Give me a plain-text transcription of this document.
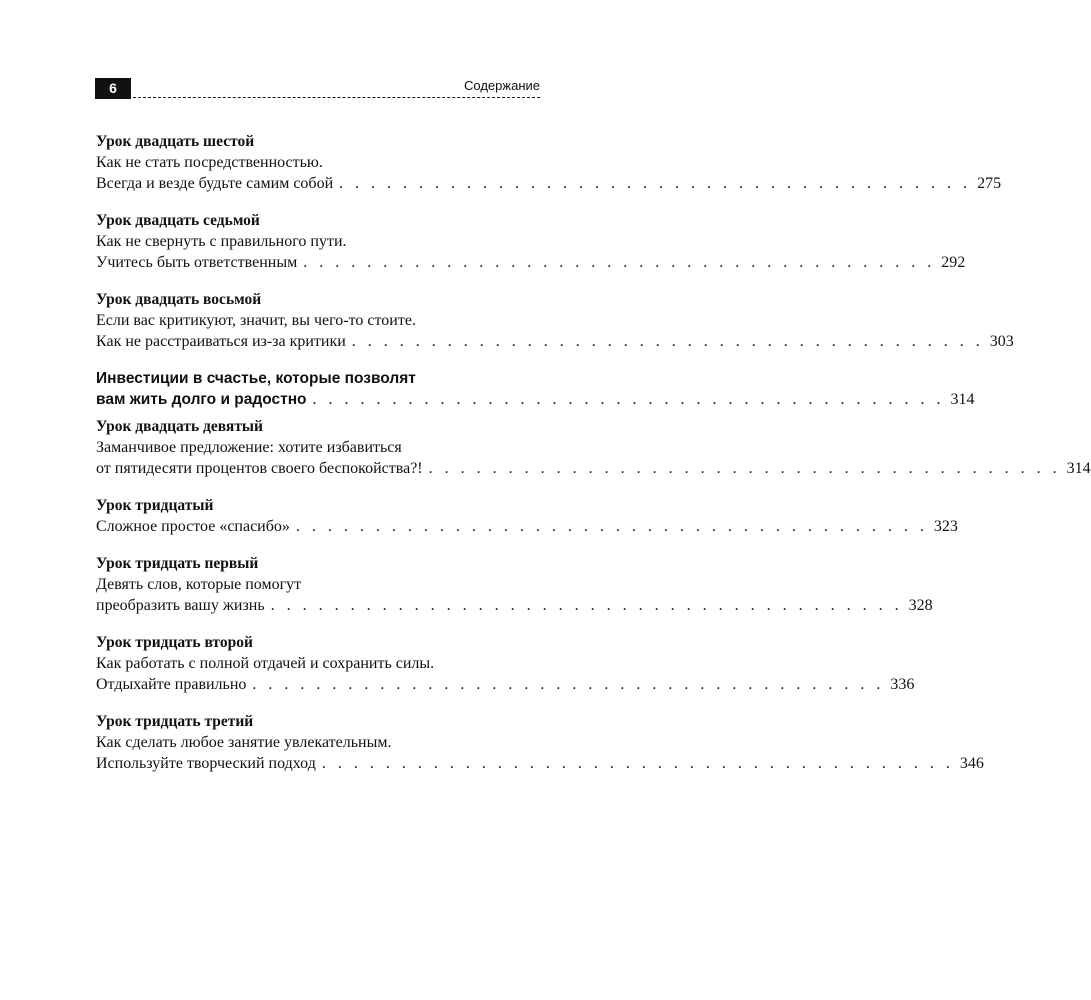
6	Содержание
Урок двадцать шестой
Как не стать посредственностью.
Всегда и везде будьте самим собой . . . . . . . . . . . . . . . . . . . . . . . . . . . . . . . . . . . . . . . . 275
Урок двадцать седьмой
Как не свернуть с правильного пути.
Учитесь быть ответственным . . . . . . . . . . . . . . . . . . . . . . . . . . . . . . . . . . . . . . . . 292
Урок двадцать восьмой
Если вас критикуют, значит, вы чего-то стоите.
Как не расстраиваться из-за критики . . . . . . . . . . . . . . . . . . . . . . . . . . . . . . . . . . . . . . . . 303
Инвестиции в счастье, которые позволят
вам жить долго и радостно . . . . . . . . . . . . . . . . . . . . . . . . . . . . . . . . . . . . . . . . 314
Урок двадцать девятый
Заманчивое предложение: хотите избавиться
от пятидесяти процентов своего беспокойства?! . . . . . . . . . . . . . . . . . . . . . . . . . . . . . . . . . . . . . . . . 314
Урок тридцатый
Сложное простое «спасибо» . . . . . . . . . . . . . . . . . . . . . . . . . . . . . . . . . . . . . . . . 323
Урок тридцать первый
Девять слов, которые помогут
преобразить вашу жизнь . . . . . . . . . . . . . . . . . . . . . . . . . . . . . . . . . . . . . . . . 328
Урок тридцать второй
Как работать с полной отдачей и сохранить силы.
Отдыхайте правильно . . . . . . . . . . . . . . . . . . . . . . . . . . . . . . . . . . . . . . . . 336
Урок тридцать третий
Как сделать любое занятие увлекательным.
Используйте творческий подход . . . . . . . . . . . . . . . . . . . . . . . . . . . . . . . . . . . . . . . . 346
